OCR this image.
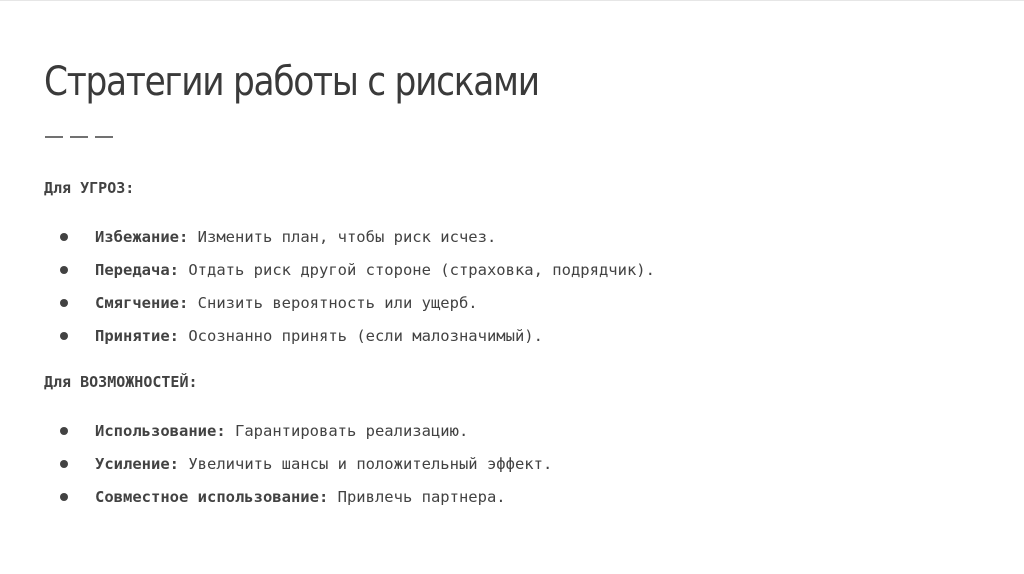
Стратегии работы с рисками
Для УГРОЗ:
Избежание: Изменить план, чтобы риск исчез.
Передача: Отдать риск другой стороне (страховка, подрядчик).
Смягчение: Снизить вероятность или ущерб.
Принятие: Осознанно принять (если малозначимый).
Для ВОЗМОЖНОСТЕЙ:
Использование: Гарантировать реализацию.
Усиление: Увеличить шансы и положительный эффект.
Совместное использование: Привлечь партнера.
